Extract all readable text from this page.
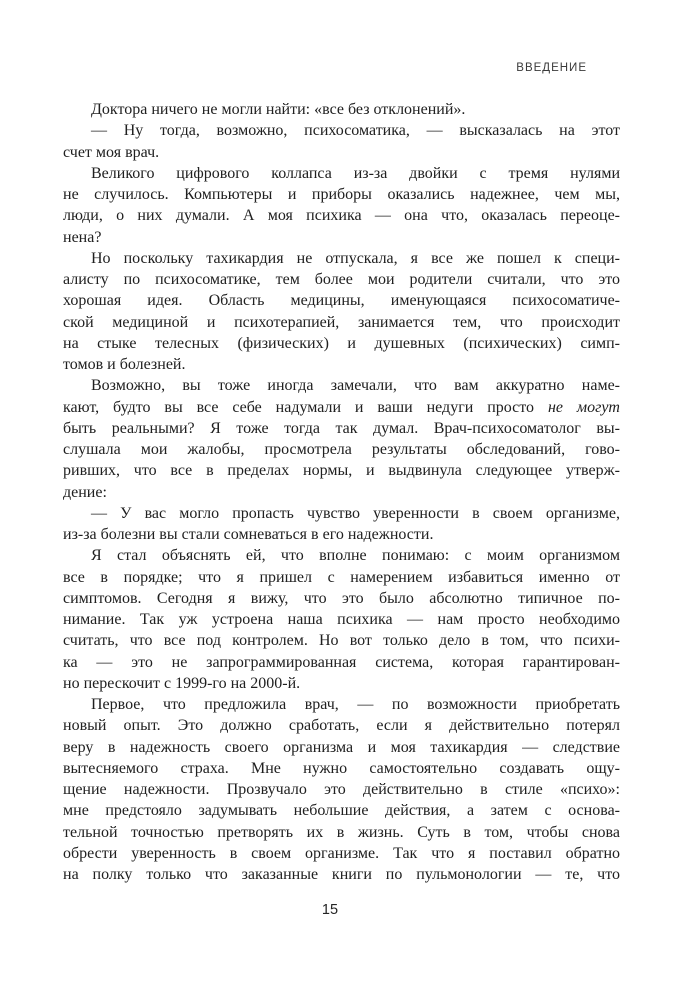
ВВЕДЕНИЕ
Доктора ничего не могли найти: «все без отклонений».
— Ну тогда, возможно, психосоматика, — высказалась на этот
счет моя врач.
Великого цифрового коллапса из-за двойки с тремя нулями
не случилось. Компьютеры и приборы оказались надежнее, чем мы,
люди, о них думали. А моя психика — она что, оказалась переоце-
нена?
Но поскольку тахикардия не отпускала, я все же пошел к специ-
алисту по психосоматике, тем более мои родители считали, что это
хорошая идея. Область медицины, именующаяся психосоматиче-
ской медициной и психотерапией, занимается тем, что происходит
на стыке телесных (физических) и душевных (психических) симп-
томов и болезней.
Возможно, вы тоже иногда замечали, что вам аккуратно наме-
кают, будто вы все себе надумали и ваши недуги просто не могут
быть реальными? Я тоже тогда так думал. Врач-психосоматолог вы-
слушала мои жалобы, просмотрела результаты обследований, гово-
ривших, что все в пределах нормы, и выдвинула следующее утверж-
дение:
— У вас могло пропасть чувство уверенности в своем организме,
из-за болезни вы стали сомневаться в его надежности.
Я стал объяснять ей, что вполне понимаю: с моим организмом
все в порядке; что я пришел с намерением избавиться именно от
симптомов. Сегодня я вижу, что это было абсолютно типичное по-
нимание. Так уж устроена наша психика — нам просто необходимо
считать, что все под контролем. Но вот только дело в том, что психи-
ка — это не запрограммированная система, которая гарантирован-
но перескочит с 1999-го на 2000-й.
Первое, что предложила врач, — по возможности приобретать
новый опыт. Это должно сработать, если я действительно потерял
веру в надежность своего организма и моя тахикардия — следствие
вытесняемого страха. Мне нужно самостоятельно создавать ощу-
щение надежности. Прозвучало это действительно в стиле «психо»:
мне предстояло задумывать небольшие действия, а затем с основа-
тельной точностью претворять их в жизнь. Суть в том, чтобы снова
обрести уверенность в своем организме. Так что я поставил обратно
на полку только что заказанные книги по пульмонологии — те, что
15
